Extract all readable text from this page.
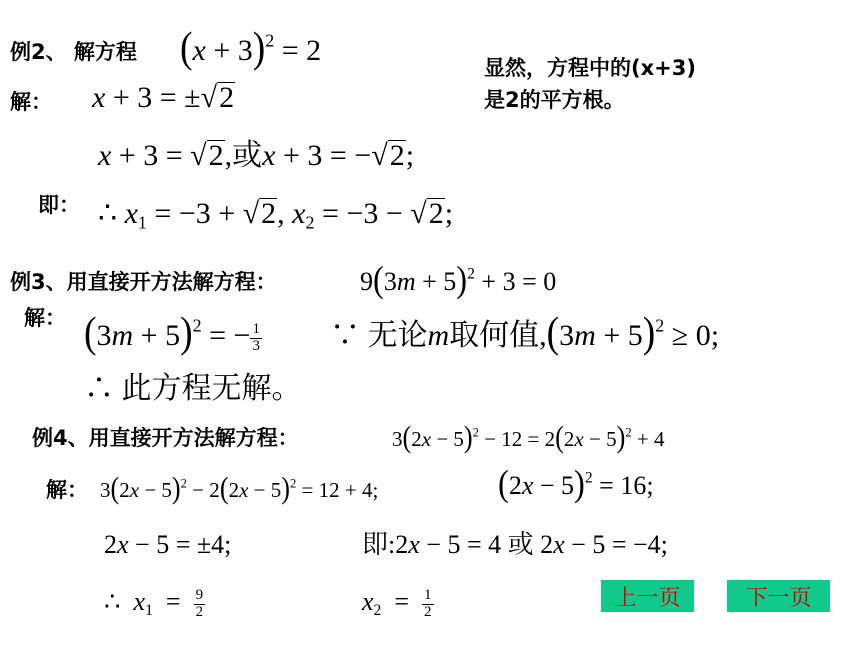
例2、 解方程 $(x + 3)^2 = 2$
显然，方程中的(x+3)
是2的平方根。
解： x + 3 = ±√2
x + 3 = √2,或x + 3 = −√2;
即： ∴ $x_1 = -3 + √2$, $x_2 = -3 - √2$;
例3、用直接开方法解方程：	$9(3m + 5)^2 + 3 = 0$
解： $(3m + 5)^2$ = − $\frac{1}{3}$ ∵ 无论m取何值$,(3m + 5)^2 \ge 0$;
∴ 此方程无解。
例4、用直接开方法解方程：	$3(2x - 5)^2 - 12 = 2(2x - 5)^2 + 4$
解： $3(2x - 5)^2 - 2(2x - 5)^2 = 12 + 4$;	$(2x - 5)^2 = 16$;
2x − 5 = ±4;	即:2x − 5 = 4 或 2x − 5 = −4;
∴  $x_1 = \frac{9}{2}$	$x_2 = \frac{1}{2}$	上一页	下一页
